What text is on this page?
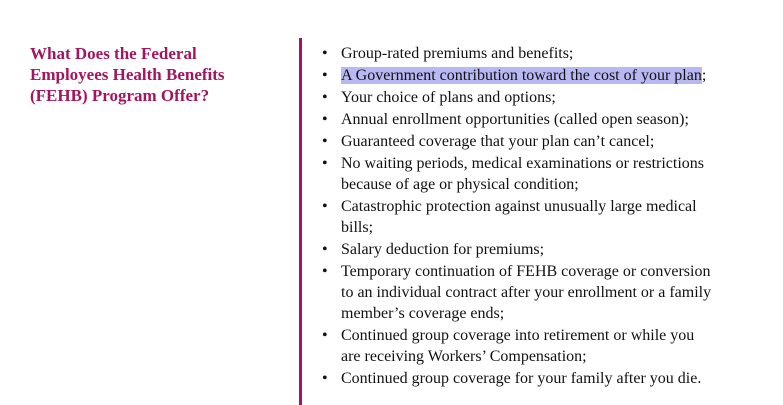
What Does the Federal
Employees Health Benefits
(FEHB) Program Offer?
• Group-rated premiums and benefits;
• A Government contribution toward the cost of your plan;
• Your choice of plans and options;
• Annual enrollment opportunities (called open season);
• Guaranteed coverage that your plan can’t cancel;
• No waiting periods, medical examinations or restrictions
because of age or physical condition;
• Catastrophic protection against unusually large medical
bills;
• Salary deduction for premiums;
• Temporary continuation of FEHB coverage or conversion
to an individual contract after your enrollment or a family
member’s coverage ends;
• Continued group coverage into retirement or while you
are receiving Workers’ Compensation;
• Continued group coverage for your family after you die.
